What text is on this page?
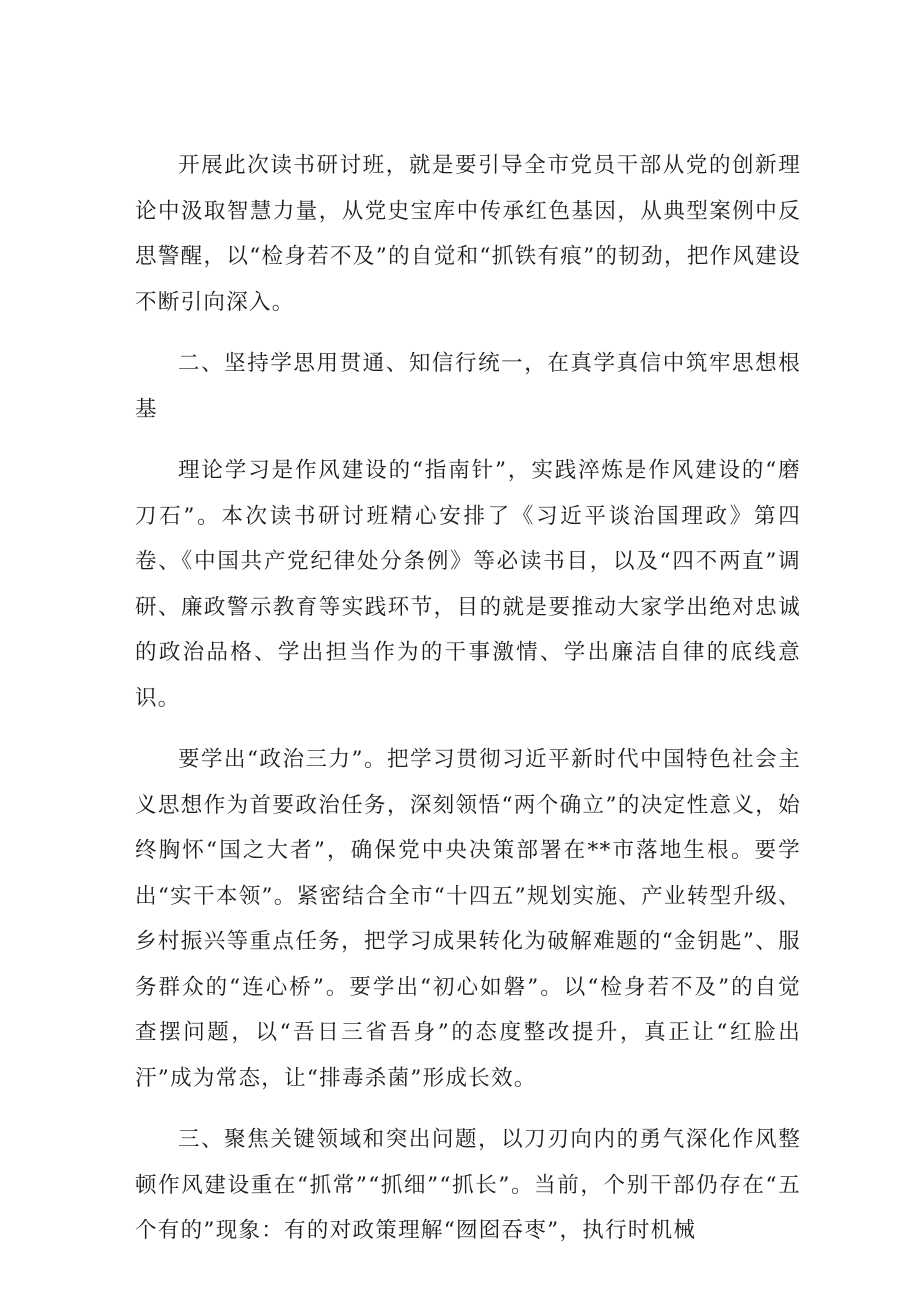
开展此次读书研讨班，就是要引导全市党员干部从党的创新理论中汲取智慧力量，从党史宝库中传承红色基因，从典型案例中反思警醒，以“检身若不及”的自觉和“抓铁有痕”的韧劲，把作风建设不断引向深入。

二、坚持学思用贯通、知信行统一，在真学真信中筑牢思想根基

理论学习是作风建设的“指南针”，实践淬炼是作风建设的“磨刀石”。本次读书研讨班精心安排了《习近平谈治国理政》第四卷、《中国共产党纪律处分条例》等必读书目，以及“四不两直”调研、廉政警示教育等实践环节，目的就是要推动大家学出绝对忠诚的政治品格、学出担当作为的干事激情、学出廉洁自律的底线意识。

要学出“政治三力”。把学习贯彻习近平新时代中国特色社会主义思想作为首要政治任务，深刻领悟“两个确立”的决定性意义，始终胸怀“国之大者”，确保党中央决策部署在**市落地生根。要学出“实干本领”。紧密结合全市“十四五”规划实施、产业转型升级、乡村振兴等重点任务，把学习成果转化为破解难题的“金钥匙”、服务群众的“连心桥”。要学出“初心如磐”。以“检身若不及”的自觉查摆问题，以“吾日三省吾身”的态度整改提升，真正让“红脸出汗”成为常态，让“排毒杀菌”形成长效。

三、聚焦关键领域和突出问题，以刀刃向内的勇气深化作风整顿作风建设重在“抓常”“抓细”“抓长”。当前，个别干部仍存在“五个有的”现象：有的对政策理解“囫囵吞枣”，执行时机械
